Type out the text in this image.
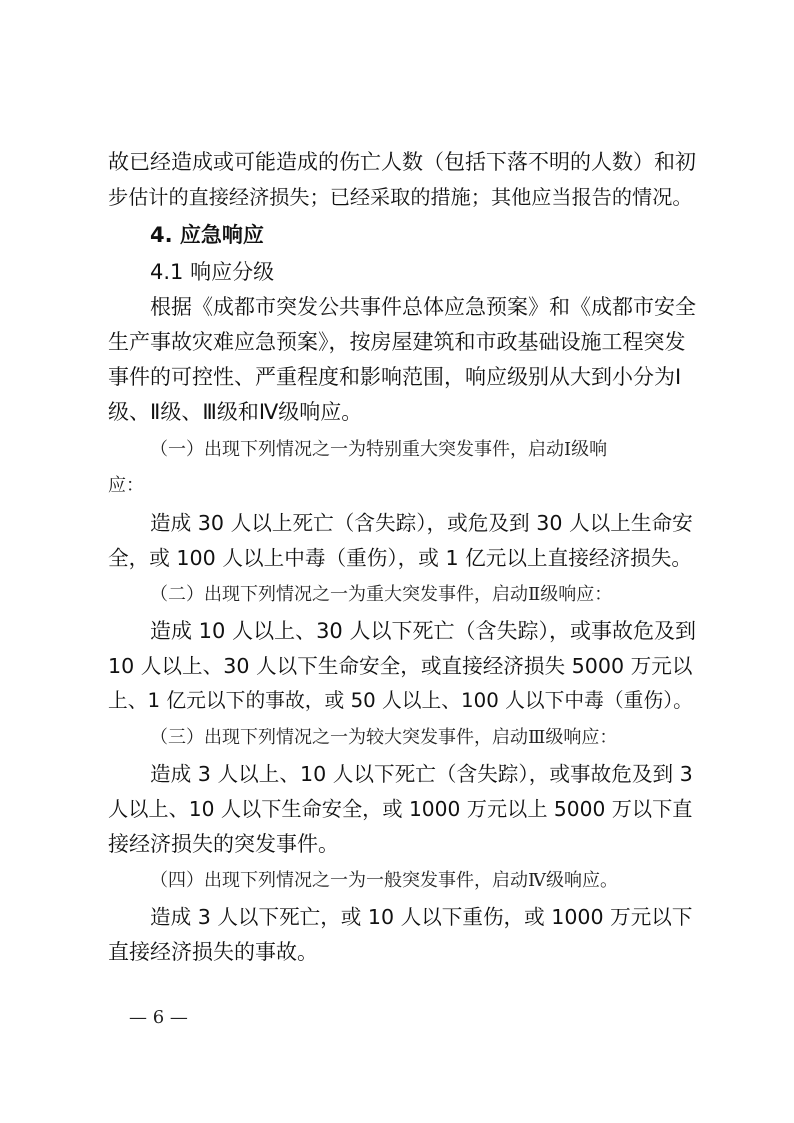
故已经造成或可能造成的伤亡人数（包括下落不明的人数）和初
步估计的直接经济损失；已经采取的措施；其他应当报告的情况。
4. 应急响应
4.1 响应分级
根据《成都市突发公共事件总体应急预案》和《成都市安全
生产事故灾难应急预案》，按房屋建筑和市政基础设施工程突发
事件的可控性、严重程度和影响范围，响应级别从大到小分为Ⅰ
级、Ⅱ级、Ⅲ级和Ⅳ级响应。
（一）出现下列情况之一为特别重大突发事件，启动Ⅰ级响
应：
造成 30 人以上死亡（含失踪），或危及到 30 人以上生命安
全，或 100 人以上中毒（重伤），或 1 亿元以上直接经济损失。
（二）出现下列情况之一为重大突发事件，启动Ⅱ级响应：
造成 10 人以上、30 人以下死亡（含失踪），或事故危及到
10 人以上、30 人以下生命安全，或直接经济损失 5000 万元以
上、1 亿元以下的事故，或 50 人以上、100 人以下中毒（重伤）。
（三）出现下列情况之一为较大突发事件，启动Ⅲ级响应：
造成 3 人以上、10 人以下死亡（含失踪），或事故危及到 3
人以上、10 人以下生命安全，或 1000 万元以上 5000 万以下直
接经济损失的突发事件。
（四）出现下列情况之一为一般突发事件，启动Ⅳ级响应。
造成 3 人以下死亡，或 10 人以下重伤，或 1000 万元以下
直接经济损失的事故。
— 6 —
